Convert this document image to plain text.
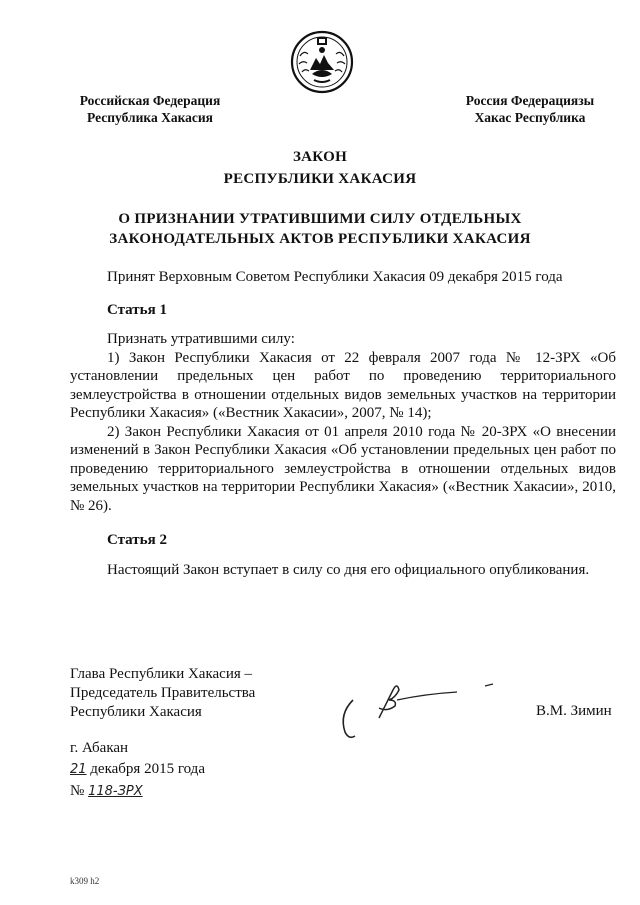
Российская Федерация
Республика Хакасия
Россия Федерациязы
Хакас Республика
ЗАКОН
РЕСПУБЛИКИ ХАКАСИЯ
О ПРИЗНАНИИ УТРАТИВШИМИ СИЛУ ОТДЕЛЬНЫХ
ЗАКОНОДАТЕЛЬНЫХ АКТОВ РЕСПУБЛИКИ ХАКАСИЯ
Принят Верховным Советом Республики Хакасия 09 декабря 2015 года
Статья 1

Признать утратившими силу:

1) Закон Республики Хакасия от 22 февраля 2007 года № 12-ЗРХ «Об установлении предельных цен работ по проведению территориального землеустройства в отношении отдельных видов земельных участков на территории Республики Хакасия» («Вестник Хакасии», 2007, № 14);

2) Закон Республики Хакасия от 01 апреля 2010 года № 20-ЗРХ «О внесении изменений в Закон Республики Хакасия «Об установлении предельных цен работ по проведению территориального землеустройства в отношении отдельных видов земельных участков на территории Республики Хакасия» («Вестник Хакасии», 2010, № 26).

Статья 2

Настоящий Закон вступает в силу со дня его официального опубликования.

Глава Республики Хакасия –
Председатель Правительства
Республики Хакасия	В.М. Зимин
г. Абакан
21 декабря 2015 года
№ 118-ЗРХ
k309 h2
